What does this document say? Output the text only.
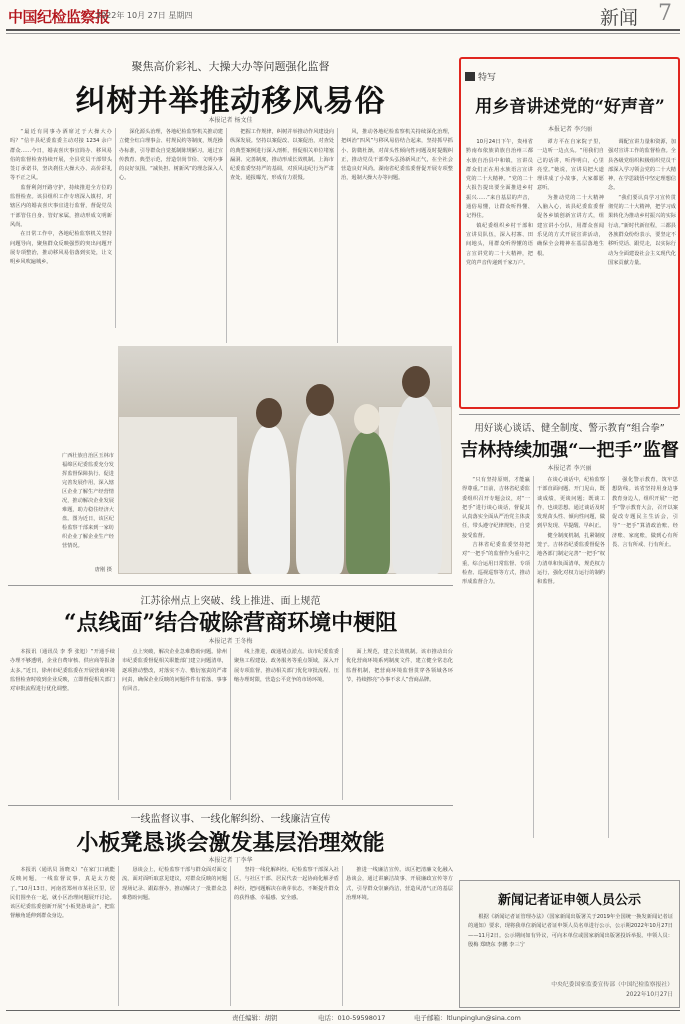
中国纪检监察报
2022年 10月 27日 星期四	新闻 7
聚焦高价彩礼、大操大办等问题强化监督
纠树并举推动移风易俗
本报记者 杨文佳

“最近有同事办酒席过于大操大办吗？”信丰县纪委监委主动对接 1234 余户群众……今日，婚丧喜庆事宜简办、移风易俗的监督检查持续开展，全县党员干部带头签订承诺书，坚决刹住大操大办、高价彩礼等不正之风。

监督利剑开路守护，持续推进全方位的监督检查。该县组织工作专班深入镇村，对辖区内的婚丧喜庆事宜进行监督，督促党员干部管住自身、管好家属，推动形成文明新风尚。

在日常工作中，各地纪检监察机关坚持问题导向，聚焦群众反映强烈的突出问题开展专项整治，推动移风易俗落到实处，让文明乡风吹遍城乡。

深化源头治理，各地纪检监察机关推动建立健全红白理事会、村规民约等制度，规范操办标准，引导群众自觉抵制陈规陋习。通过宣传教育、典型示范，营造崇尚节俭、文明办事的良好氛围。“减负担、树新风”的理念深入人心。

把握工作规律，纠树并举推动作风建设向纵深发展。坚持以案促改、以案促治，对查处的典型案例进行深入剖析，督促相关单位堵塞漏洞、完善制度，推动形成长效机制。上海市纪委监委坚持严的基调，对顶风违纪行为严肃查处、通报曝光，形成有力震慑。

风，推动各地纪检监察机关持续深化治理，把纠治“四风”与移风易俗结合起来，坚持抓早抓小、防微杜渐，对苗头性倾向性问题及时提醒纠正，推动党员干部带头弘扬新风正气，在全社会营造良好风尚。湖南省纪委监委督促开展专项整治，遏制大操大办等问题。

广西壮族自治区玉林市福绵区纪委监委充分发挥监督保障执行、促进完善发展作用，深入辖区企业了解生产经营情况，推动解决企业发展难题，助力稳住经济大盘。图为近日，该区纪检监察干部来到一家纺织企业了解企业生产经营情况。
唐刚 摄
特写
用乡音讲述党的“好声音”
本报记者 李兴丽

10月24日下午，贵州省黔南布依族苗族自治州三都水族自治县中和镇，宣讲员群众们正在用水族语言宣讲党的二十大精神。“党的二十大报告提出要全面推进乡村振兴……”来自基层的声音，通俗易懂，让群众听得懂、记得住。

镇纪委组织乡村干部和宣讲员队伍，深入村寨、田间地头，用群众听得懂的语言宣讲党的二十大精神，把党的声音传递到千家万户。

谭方平在自家院子里，一边听一边点头。“用我们自己的话讲，听得明白，心里亮堂。”她说，宣讲员把大道理讲成了小故事，大家都愿意听。

为推动党的二十大精神入脑入心，该县纪委监委督促各乡镇创新宣讲方式，组建宣讲小分队，用群众喜闻乐见的方式开展宣讲活动，确保全会精神在基层落地生根。

调配宣讲力量和资源，加强对宣讲工作的监督检查。全县各级党组织积极组织党员干部深入学习领会党的二十大精神，在学思践悟中坚定理想信念。

“我们要认真学习宣传贯彻党的二十大精神，把学习成果转化为推动乡村振兴的实际行动。”新时代新征程，三都县各族群众纷纷表示，要坚定不移听党话、跟党走，以实际行动为全面建设社会主义现代化国家贡献力量。

用好谈心谈话、健全制度、警示教育“组合拳”
吉林持续加强“一把手”监督
本报记者 李兴丽

“只有坚持原则，才能赢得尊重。”日前，吉林省纪委监委组织召开专题会议，对“一把手”进行谈心谈话，督促其认真落实全面从严治党主体责任，带头遵守纪律规矩，自觉接受监督。

吉林省纪委监委坚持把对“一把手”的监督作为重中之重，综合运用日常监督、专项检查、巡视巡察等方式，推动形成监督合力。

在谈心谈话中，纪检监察干部直面问题、开门见山，既谈成绩，更谈问题；既谈工作，也谈思想。通过谈话及时发现苗头性、倾向性问题，做到早发现、早提醒、早纠正。

健全制度机制，扎紧制度笼子。吉林省纪委监委督促各地各部门制定完善“一把手”权力清单和负面清单，规范权力运行，强化对权力运行的制约和监督。

强化警示教育，筑牢思想防线。该省坚持用身边事教育身边人，组织开展“一把手”警示教育大会，召开以案促改专题民主生活会，引导“一把手”算清政治账、经济账、家庭账，做到心有所畏、言有所戒、行有所止。

江苏徐州点上突破、线上推进、面上规范
“点线面”结合破除营商环境中梗阻
本报记者 王冬梅

本报讯（通讯员 李 季 张旭）“开通手续办理不够透明，企业自费审核、供应商等报备太多。”近日，徐州市纪委监委在开展营商环境监督检查时收到企业反映，立即督促相关部门对审批流程进行优化调整。

点上突破，解决企业急难愁盼问题。徐州市纪委监委督促相关职能部门建立问题清单，逐项推动整改，对落实不力、敷衍塞责的严肃问责，确保企业反映的问题件件有着落、事事有回音。

线上推进，疏通堵点淤点。该市纪委监委聚焦工程建设、政务服务等重点领域，深入开展专项监督，推动相关部门优化审批流程、压缩办理时限，营造公平竞争的市场环境。

面上规范，建立长效机制。该市推动出台优化营商环境系列制度文件，建立健全常态化监督机制，把营商环境监督贯穿各领域各环节，持续擦亮“办事不求人”营商品牌。

一线监督议事、一线化解纠纷、一线廉洁宣传
小板凳恳谈会激发基层治理效能
本报记者 丁李华

本报讯（通讯员 汤晓义）“在家门口就能反映问题，一线监督议事，真是太方便了。”10月13日，河南省郑州市某社区里，居民们围坐在一起，就小区治理问题展开讨论。该区纪委监委创新开展“小板凳恳谈会”，把监督触角延伸到群众身边。

恳谈会上，纪检监察干部与群众面对面交流，面对面听取意见建议，对群众反映的问题现场记录、跟踪督办，推动解决了一批群众急难愁盼问题。

坚持一线化解纠纷。纪检监察干部深入社区，与社区干部、居民代表一起协商化解矛盾纠纷，把问题解决在萌芽状态，不断提升群众的获得感、幸福感、安全感。

推进一线廉洁宣传。该区把清廉文化融入恳谈会，通过讲廉洁故事、开展廉政宣传等方式，引导群众崇廉尚洁，营造风清气正的基层治理环境。	新闻记者证申领人员公示

根据《新闻记者证管理办法》（国家新闻出版署关于2019年全国统一换发新闻记者证的通知）要求，现将我单位新闻记者证申领人员名单进行公示，公示期2022年10月27日——11月2日。公示期间如有异议，可向本单位或国家新闻出版署投诉举报。申领人员：殷梅 郑晓东 李鹏 李三宁

中央纪委国家监委宣传部（中国纪检监察报社）
2022年10月27日
责任编辑：胡钥	电话：010-59598017	电子邮箱：ltlunpinglun@sina.com
